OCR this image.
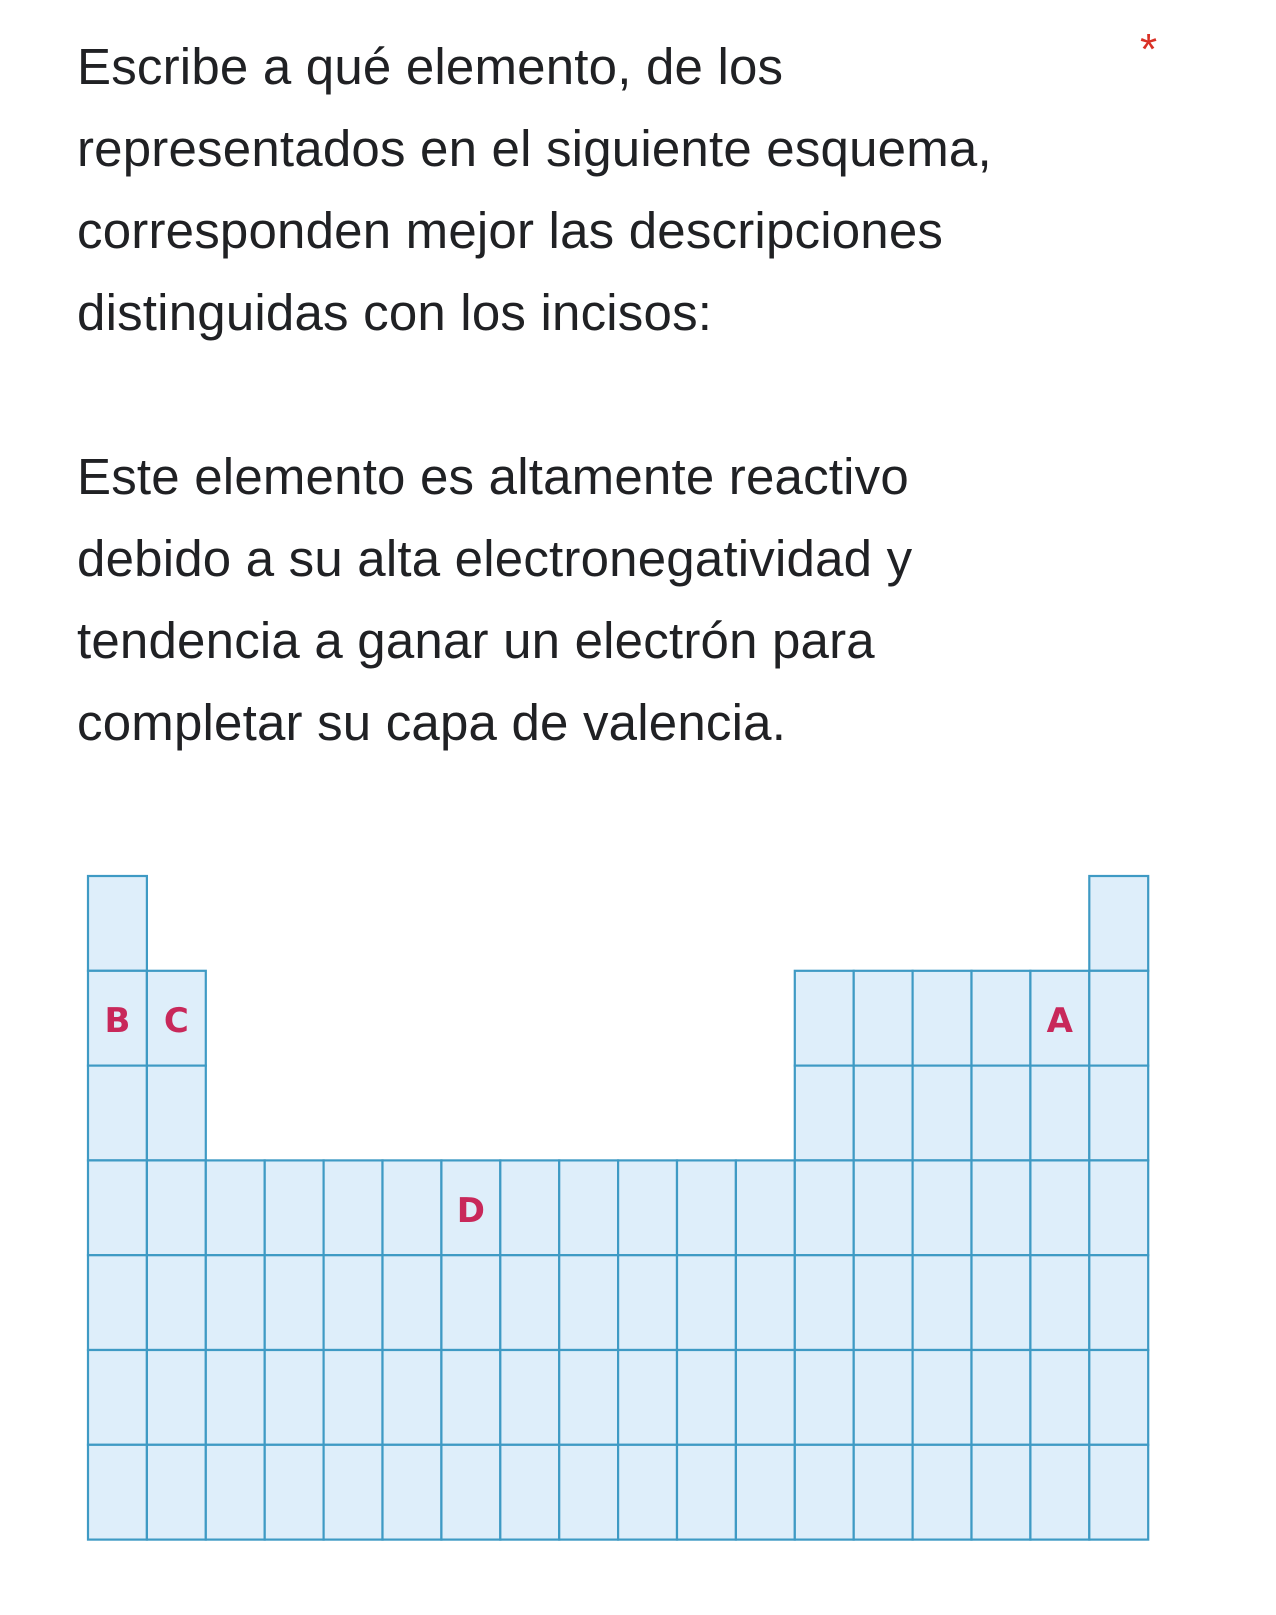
Escribe a qué elemento, de los
representados en el siguiente esquema,
corresponden mejor las descripciones
distinguidas con los incisos:
*

Este elemento es altamente reactivo
debido a su alta electronegatividad y
tendencia a ganar un electrón para
completar su capa de valencia.

B C	A
D
